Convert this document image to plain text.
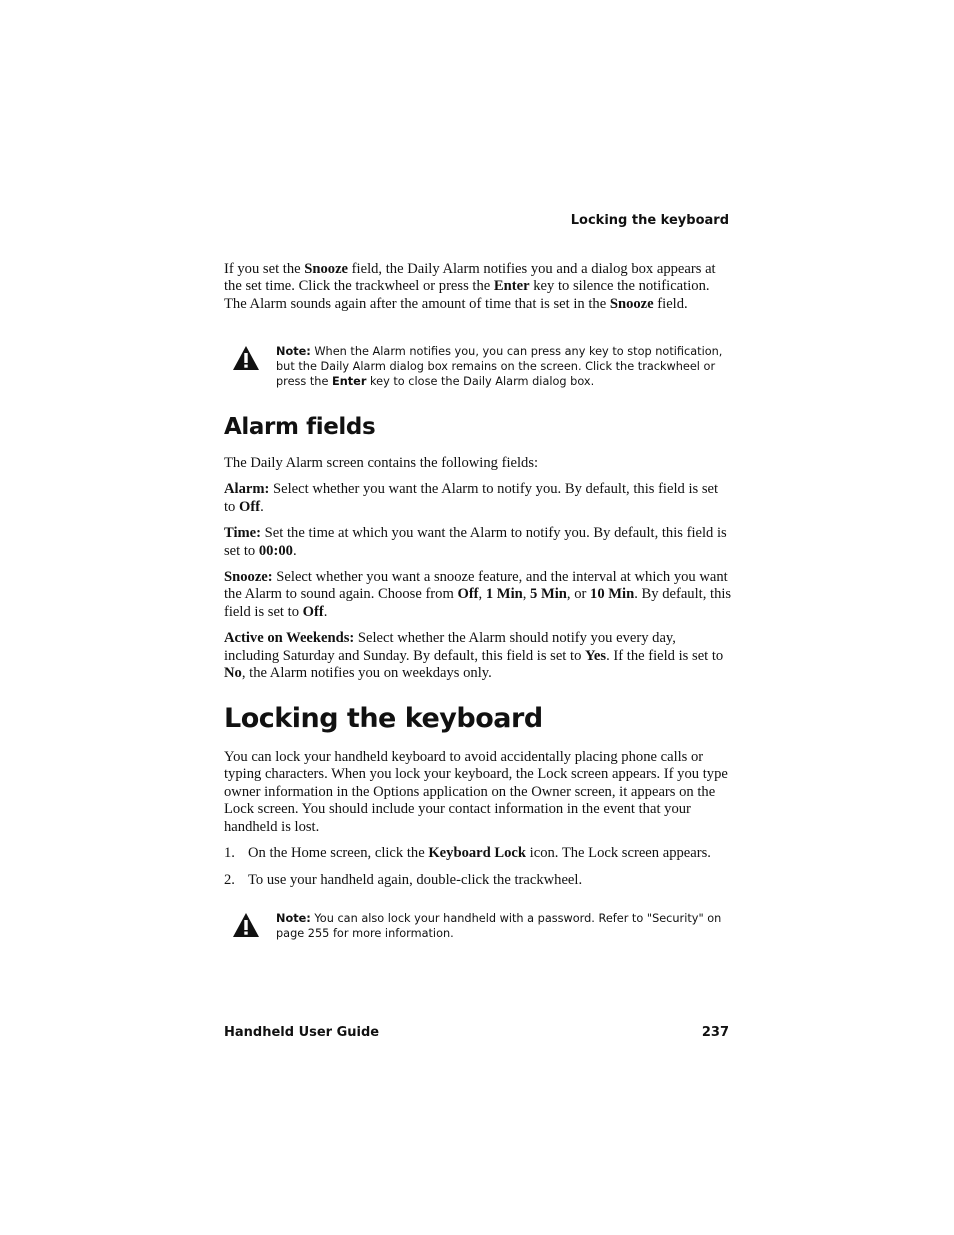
Locking the keyboard

If you set the Snooze field, the Daily Alarm notifies you and a dialog box appears at the set time. Click the trackwheel or press the Enter key to silence the notification. The Alarm sounds again after the amount of time that is set in the Snooze field.

Note: When the Alarm notifies you, you can press any key to stop notification, but the Daily Alarm dialog box remains on the screen. Click the trackwheel or press the Enter key to close the Daily Alarm dialog box.
Alarm fields

The Daily Alarm screen contains the following fields:

Alarm: Select whether you want the Alarm to notify you. By default, this field is set to Off.

Time: Set the time at which you want the Alarm to notify you. By default, this field is set to 00:00.

Snooze: Select whether you want a snooze feature, and the interval at which you want the Alarm to sound again. Choose from Off, 1 Min, 5 Min, or 10 Min. By default, this field is set to Off.

Active on Weekends: Select whether the Alarm should notify you every day, including Saturday and Sunday. By default, this field is set to Yes. If the field is set to No, the Alarm notifies you on weekdays only.

Locking the keyboard

You can lock your handheld keyboard to avoid accidentally placing phone calls or typing characters. When you lock your keyboard, the Lock screen appears. If you type owner information in the Options application on the Owner screen, it appears on the Lock screen. You should include your contact information in the event that your handheld is lost.

1. On the Home screen, click the Keyboard Lock icon. The Lock screen appears.
2. To use your handheld again, double-click the trackwheel.
Note: You can also lock your handheld with a password. Refer to "Security" on page 255 for more information.
Handheld User Guide	237
